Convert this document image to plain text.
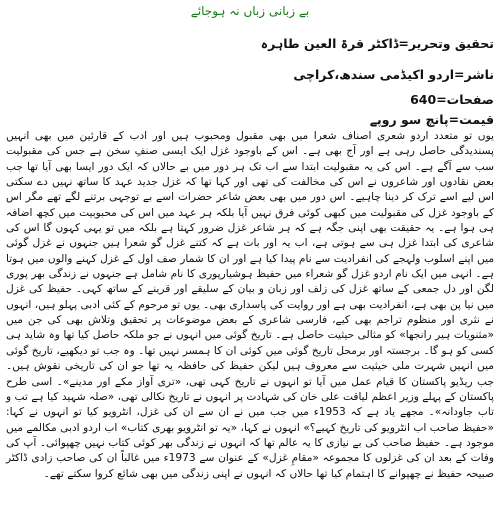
بے زبانی زباں نہ ہوجائے
تحقیق وتحریر=ڈاکٹر قرۃ العین طاہرہ
ناشر=اردو اکیڈمی سندھ،کراچی
صفحات=640
قیمت=پانچ سو روپے

یوں تو متعدد اردو شعری اصناف شعرا میں بھی مقبول ومحبوب ہیں اور ادب کے قارئین میں بھی انہیں پسندیدگی حاصل رہی ہے اور آج بھی ہے۔ اس کے باوجود غزل ایک ایسی صنفِ سخن ہے جس کی مقبولیت سب سے آگے ہے۔ اس کی یہ مقبولیت ابتدا سے اب تک ہر دور میں بے حالاں کہ ایک دور ایسا بھی آیا تھا جب بعض نقادوں اور شاعروں نے اس کی مخالفت کی تھی اور کہا تھا کہ غزل جدید عہد کا ساتھ نہیں دے سکتی اس لیے اسے ترک کر دینا چاہیے۔ اس دور میں بھی بعض شاعر حضرات اسے بے توجہی برتنے لگے تھے مگر اس کے باوجود غزل کی مقبولیت میں کبھی کوئی فرق نہیں آیا بلکہ ہر عہد میں اس کی محبوبیت میں کچھ اضافہ ہی ہوا ہے۔ یہ حقیقت بھی اپنی جگہ ہے کہ ہر شاعر غزل ضرور کہتا ہے بلکہ میں تو یہی کہوں گا اس کی شاعری کی ابتدا غزل ہی سے ہوتی ہے، اب یہ اور بات ہے کہ کتنے غزل گو شعرا ہیں جنہوں نے غزل گوئی میں اپنے اسلوب ولہجے کی انفرادیت سے نام پیدا کیا ہے اور ان کا شمار صف اول کے غزل کہنے والوں میں ہوتا ہے۔ انہی میں ایک نام اردو غزل گو شعراء میں حفیظ ہوشیارپوری کا نام شامل ہے جنہوں نے زندگی بھر پوری لگن اور دل جمعی کے ساتھ غزل کی زلف اور زبان و بیان کے سلیقے اور قرینے کے ساتھ کہی۔ حفیظ کی غزل میں نیا پن بھی ہے، انفرادیت بھی ہے اور روایت کی پاسداری بھی۔ یوں تو مرحوم کے کئی ادبی پہلو ہیں، انہوں نے نثری اور منظوم تراجم بھی کیے، فارسی شاعری کے بعض موضوعات پر تحقیق وتلاش بھی کی جن میں «مثنویات ہیر رانجھا» کو مثالی حیثیت حاصل ہے۔ تاریخ گوئی میں انہوں نے جو ملکہ حاصل کیا تھا وہ شاید ہی کسی کو ہو گا۔ برجستہ اور برمحل تاریخ گوئی میں کوئی ان کا ہمسر نہیں تھا۔ وہ جب تو دیکھیے، تاریخ گوئی میں انہیں شہرت ملی حیثیت سے معروف ہیں لیکن حفیظ کی حافظہ یہ تھا جو ان کی تاریخی نقوش ہیں۔ جب ریڈیو پاکستان کا قیام عمل میں آیا تو انہوں نے تاریخ کہی تھی، «تری آواز مکے اور مدینے»۔ اسی طرح پاکستان کے پہلے وزیر اعظم لیاقت علی خان کی شہادت پر انہوں نے تاریخ نکالی تھی، «صلہ شہید کیا ہے تب و تاب جاودانہ»۔ مجھے یاد ہے کہ 1953ء میں جب میں نے ان سے ان کی غزل، انٹرویو کیا تو انہوں نے کہا: «حفیظ صاحب اب انٹرویو کی تاریخ کہیے؟» انہوں نے کہا، «یہ تو انٹرویو بھری کتاب» اب اردو ادبی مکالمے میں موجود ہے۔ حفیظ صاحب کی بے نیازی کا یہ عالم تھا کہ انہوں نے زندگی بھر کوئی کتاب نہیں چھپوائی۔ آپ کی وفات کے بعد ان کی غزلوں کا مجموعہ «مقامِ غزل» کے عنوان سے 1973ء میں غالباً ان کی صاحب زادی ڈاکٹر صبیحہ حفیظ نے چھپوانے کا اہتمام کیا تھا حالاں کہ انہوں نے اپنی زندگی میں بھی شائع کروا سکتے تھے۔
